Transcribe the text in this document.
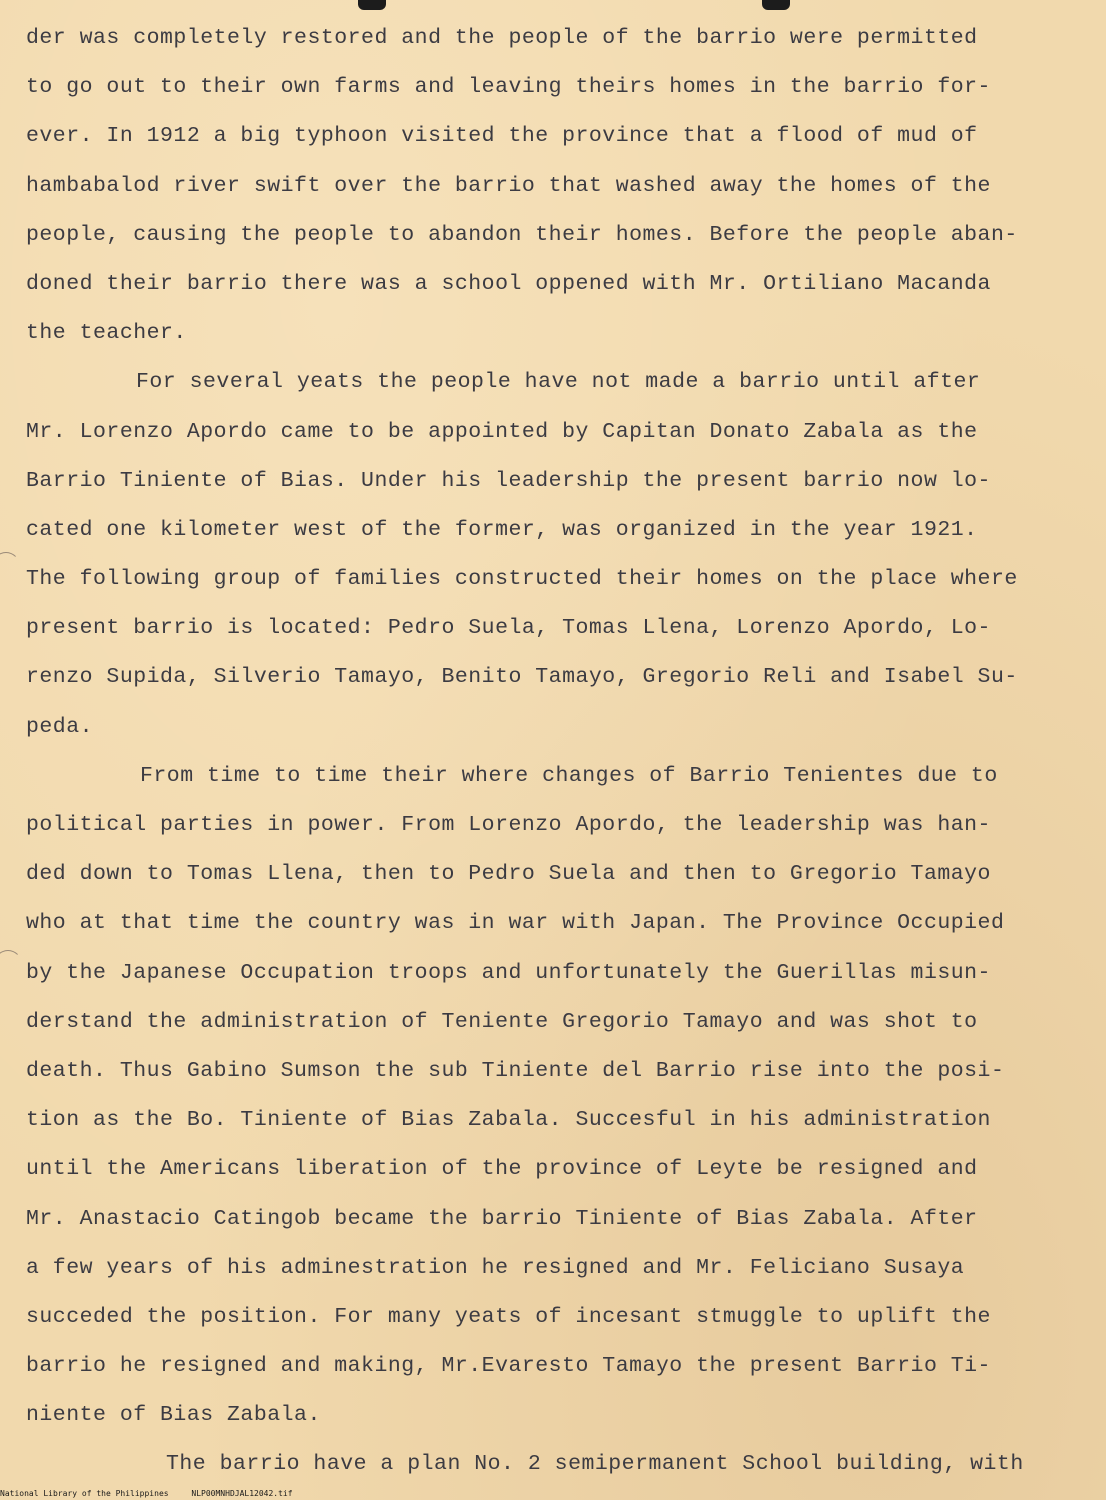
der was completely restored and the people of the barrio were permitted
to go out to their own farms and leaving theirs homes in the barrio for-
ever. In 1912 a big typhoon visited the province that a flood of mud of
hambabalod river swift over the barrio that washed away the homes of the
people, causing the people to abandon their homes. Before the people aban-
doned their barrio there was a school oppened with Mr. Ortiliano Macanda
the teacher.
For several yeats the people have not made a barrio until after
Mr. Lorenzo Apordo came to be appointed by Capitan Donato Zabala as the
Barrio Tiniente of Bias. Under his leadership the present barrio now lo-
cated one kilometer west of the former, was organized in the year 1921.
The following group of families constructed their homes on the place where
present barrio is located: Pedro Suela, Tomas Llena, Lorenzo Apordo, Lo-
renzo Supida, Silverio Tamayo, Benito Tamayo, Gregorio Reli and Isabel Su-
peda.
From time to time their where changes of Barrio Tenientes due to
political parties in power. From Lorenzo Apordo, the leadership was han-
ded down to Tomas Llena, then to Pedro Suela and then to Gregorio Tamayo
who at that time the country was in war with Japan. The Province Occupied
by the Japanese Occupation troops and unfortunately the Guerillas misun-
derstand the administration of Teniente Gregorio Tamayo and was shot to
death. Thus Gabino Sumson the sub Tiniente del Barrio rise into the posi-
tion as the Bo. Tiniente of Bias Zabala. Succesful in his administration
until the Americans liberation of the province of Leyte be resigned and
Mr. Anastacio Catingob became the barrio Tiniente of Bias Zabala. After
a few years of his adminestration he resigned and Mr. Feliciano Susaya
succeded the position. For many yeats of incesant stmuggle to uplift the
barrio he resigned and making, Mr.Evaresto Tamayo the present Barrio Ti-
niente of Bias Zabala.
The barrio have a plan No. 2 semipermanent School building, with
National Library of the Philippines	NLP00MNHDJAL12042.tif
